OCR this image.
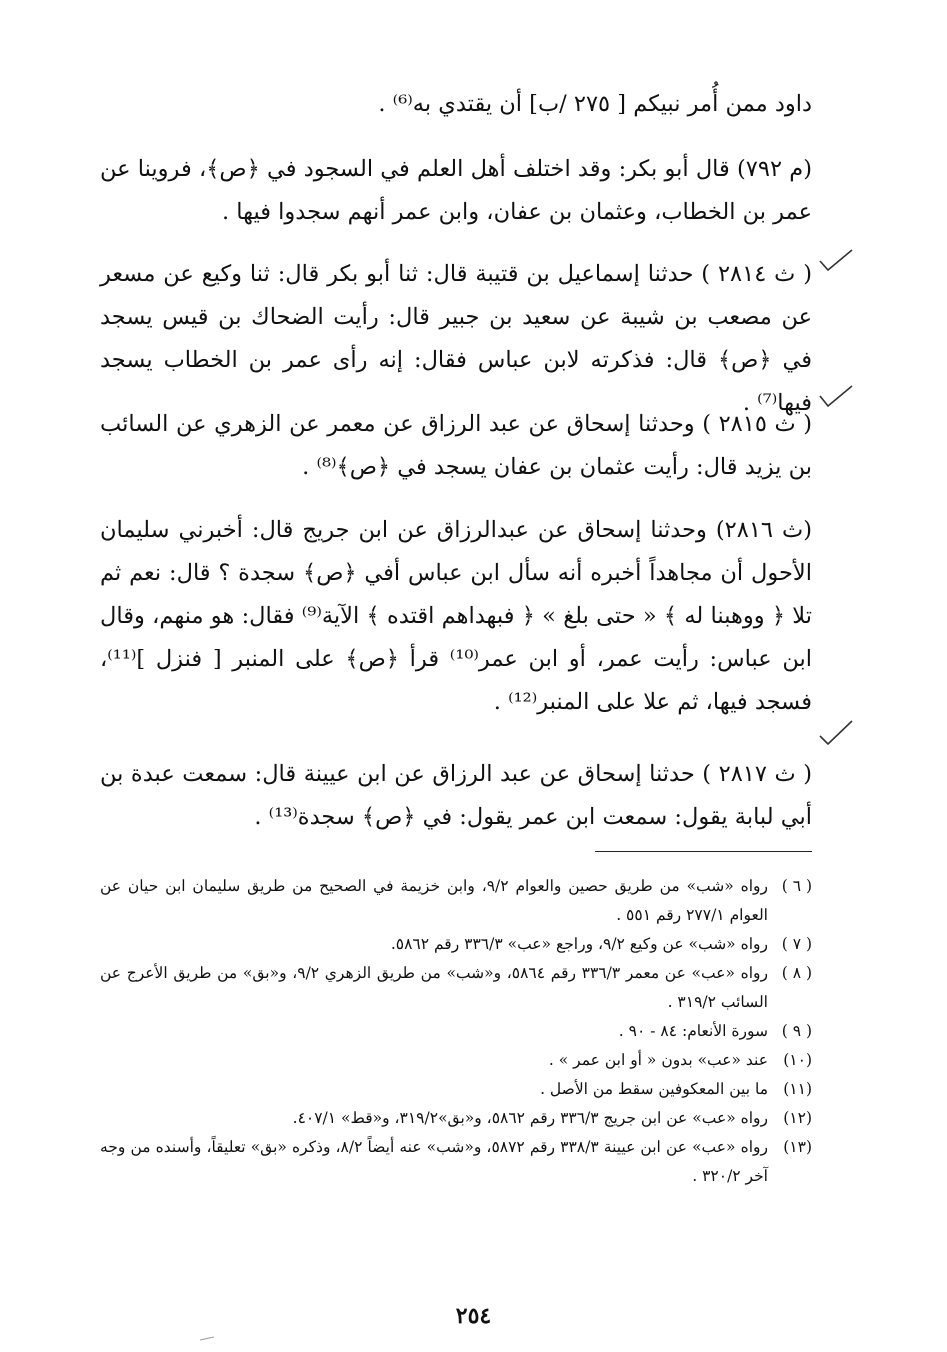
داود ممن أُمر نبيكم [ ٢٧٥ /ب] أن يقتدي به⁽⁶⁾ .

(م ٧٩٢) قال أبو بكر: وقد اختلف أهل العلم في السجود في ﴿ص﴾، فروينا عن عمر بن الخطاب، وعثمان بن عفان، وابن عمر أنهم سجدوا فيها .

( ث ٢٨١٤ ) حدثنا إسماعيل بن قتيبة قال: ثنا أبو بكر قال: ثنا وكيع عن مسعر عن مصعب بن شيبة عن سعيد بن جبير قال: رأيت الضحاك بن قيس يسجد في ﴿ص﴾ قال: فذكرته لابن عباس فقال: إنه رأى عمر بن الخطاب يسجد فيها⁽⁷⁾ .

( ث ٢٨١٥ ) وحدثنا إسحاق عن عبد الرزاق عن معمر عن الزهري عن السائب بن يزيد قال: رأيت عثمان بن عفان يسجد في ﴿ص﴾⁽⁸⁾ .

(ث ٢٨١٦) وحدثنا إسحاق عن عبدالرزاق عن ابن جريج قال: أخبرني سليمان الأحول أن مجاهداً أخبره أنه سأل ابن عباس أفي ﴿ص﴾ سجدة ؟ قال: نعم ثم تلا ﴿ ووهبنا له ﴾ « حتى بلغ » ﴿ فبهداهم اقتده ﴾ الآية⁽⁹⁾ فقال: هو منهم، وقال ابن عباس: رأيت عمر، أو ابن عمر⁽¹⁰⁾ قرأ ﴿ص﴾ على المنبر [ فنزل ]⁽¹¹⁾، فسجد فيها، ثم علا على المنبر⁽¹²⁾ .

( ث ٢٨١٧ ) حدثنا إسحاق عن عبد الرزاق عن ابن عيينة قال: سمعت عبدة بن أبي لبابة يقول: سمعت ابن عمر يقول: في ﴿ص﴾ سجدة⁽¹³⁾ .

( ٦ )
رواه «شب» من طريق حصين والعوام ٩/٢، وابن خزيمة في الصحيح من طريق سليمان ابن حيان عن العوام ٢٧٧/١ رقم ٥٥١ .
( ٧ )
رواه «شب» عن وكيع ٩/٢، وراجع «عب» ٣٣٦/٣ رقم ٥٨٦٢.
( ٨ )
رواه «عب» عن معمر ٣٣٦/٣ رقم ٥٨٦٤، و«شب» من طريق الزهري ٩/٢، و«بق» من طريق الأعرج عن السائب ٣١٩/٢ .
( ٩ )
سورة الأنعام: ٨٤ - ٩٠ .
(١٠)
عند «عب» بدون « أو ابن عمر » .
(١١)
ما بين المعكوفين سقط من الأصل .
(١٢)
رواه «عب» عن ابن جريج ٣٣٦/٣ رقم ٥٨٦٢، و«بق»٣١٩/٢، و«قط» ٤٠٧/١.
(١٣)
رواه «عب» عن ابن عيينة ٣٣٨/٣ رقم ٥٨٧٢، و«شب» عنه أيضاً ٨/٢، وذكره «بق» تعليقاً، وأسنده من وجه آخر ٣٢٠/٢ .
٢٥٤
